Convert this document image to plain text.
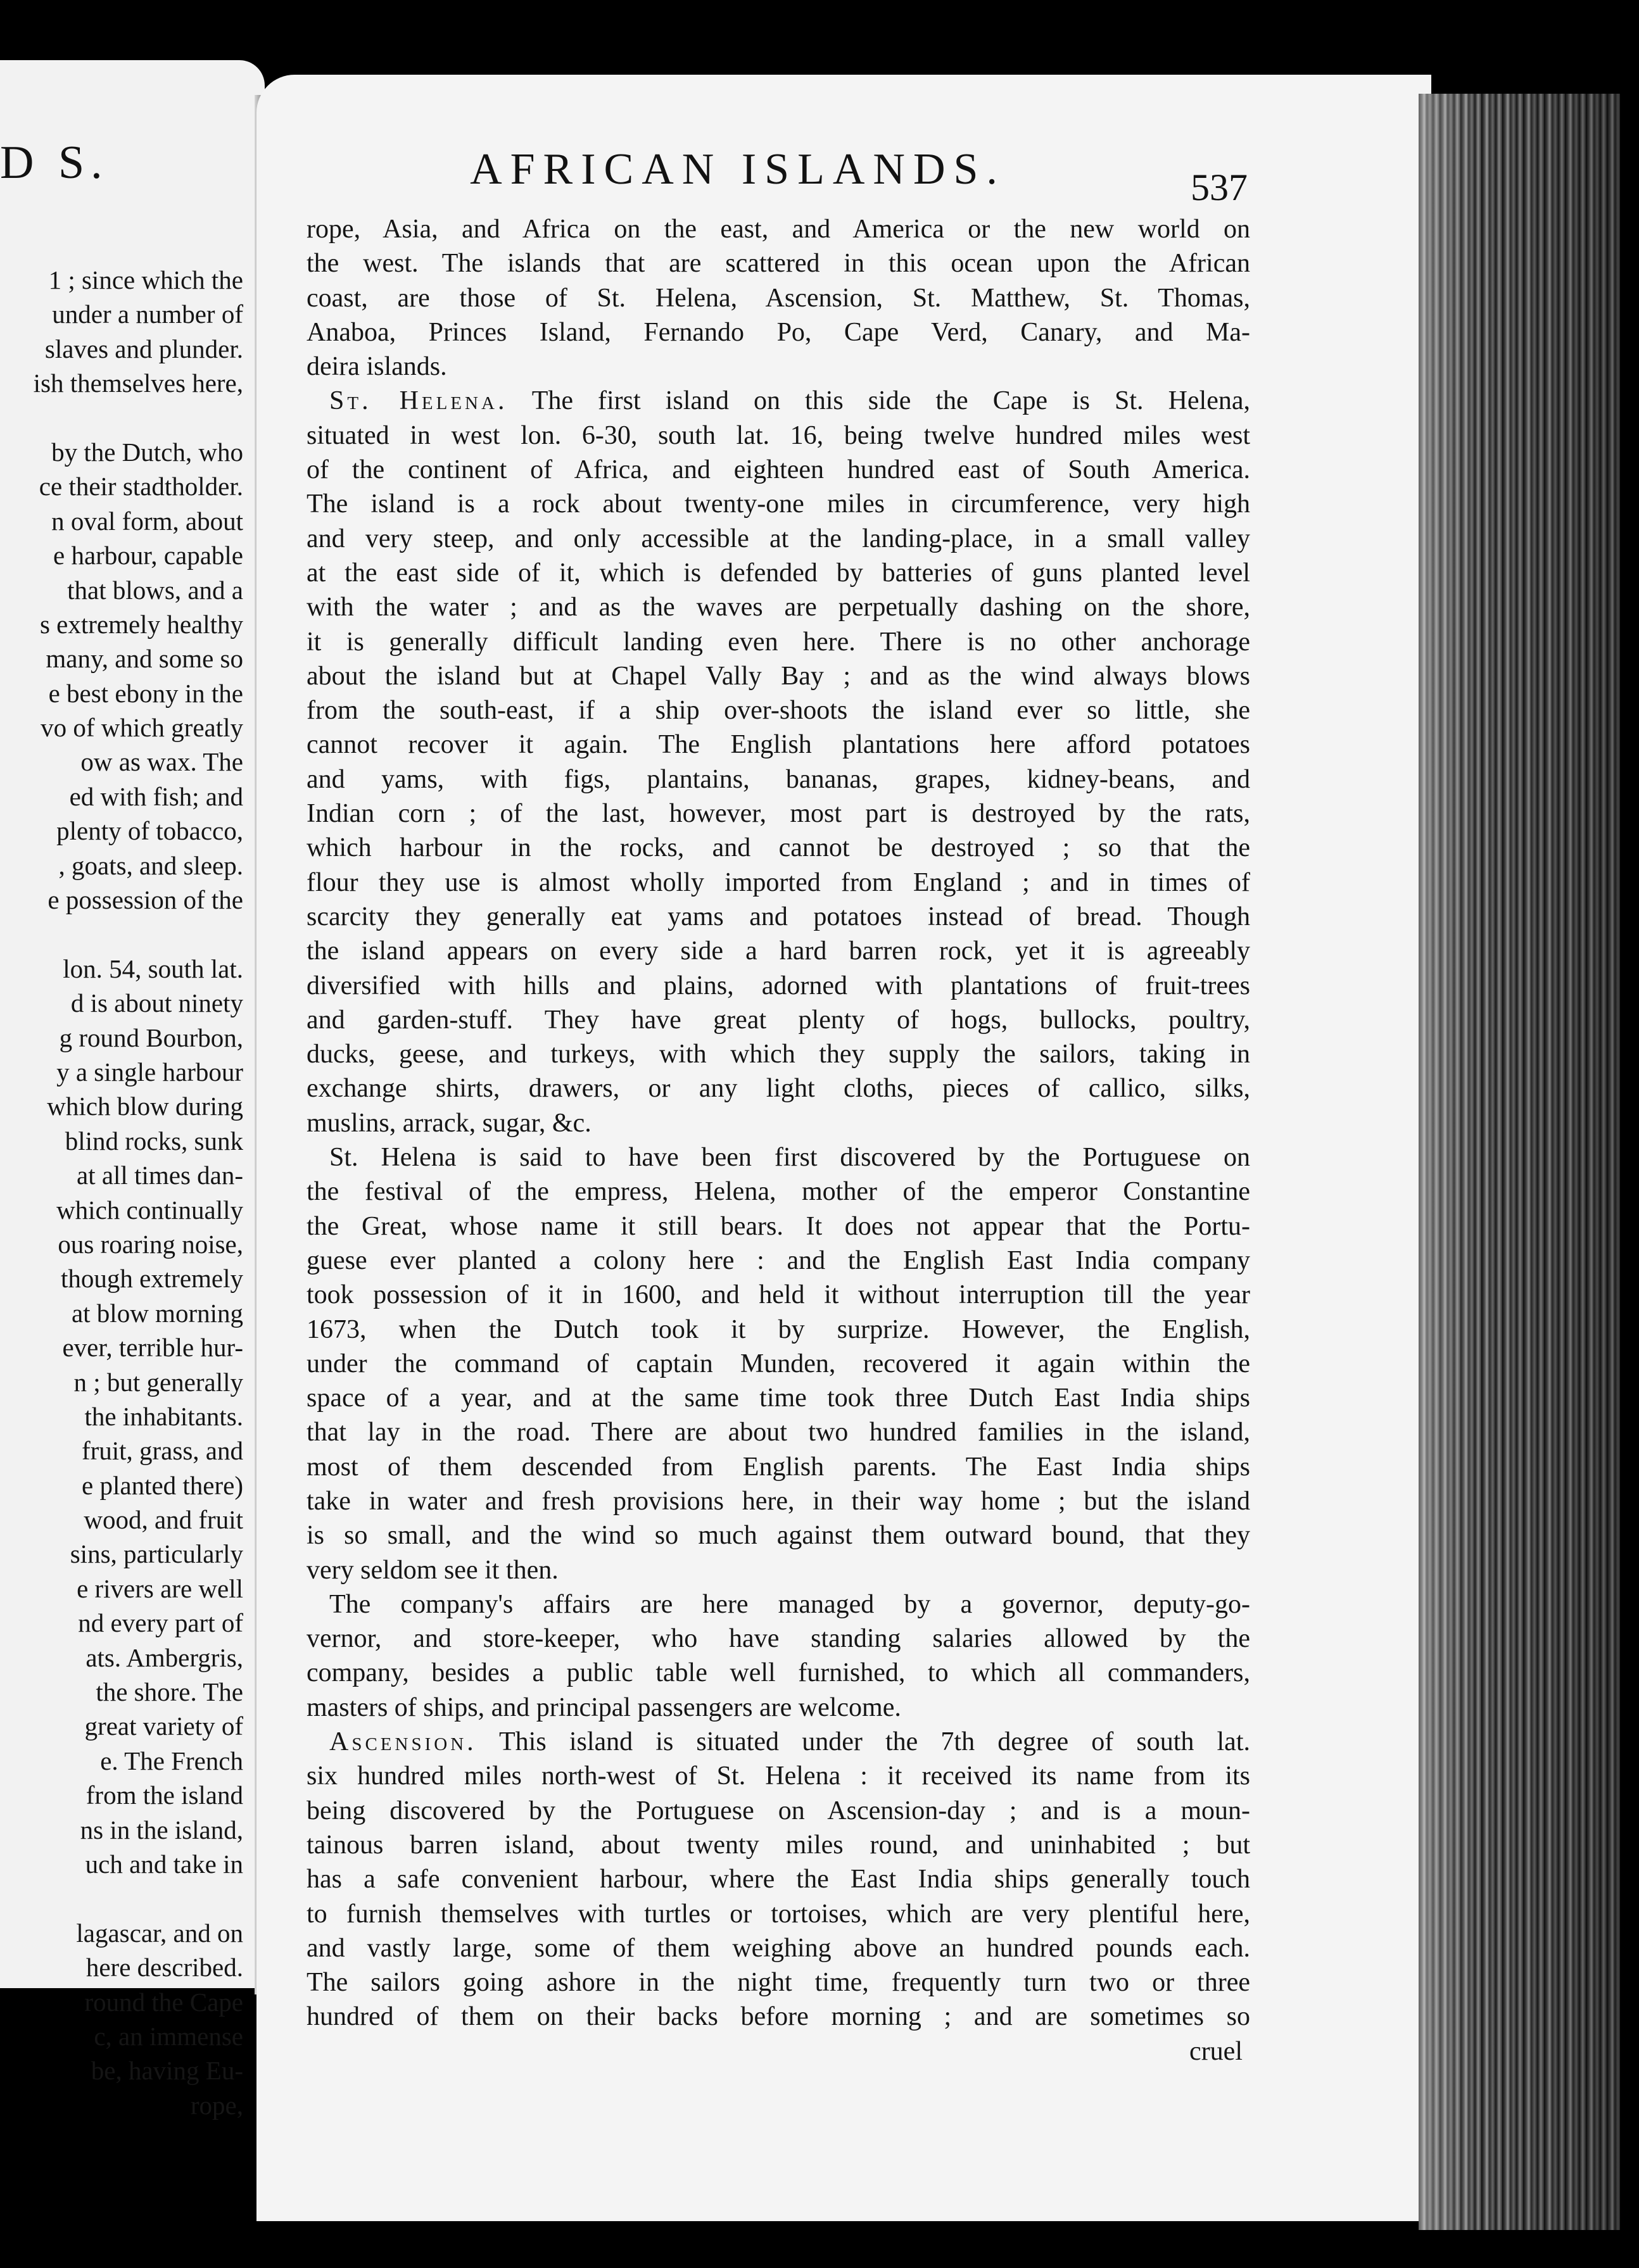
D S.
1 ; since which the
under a number of
slaves and plunder.
ish themselves here,
by the Dutch, who
ce their stadtholder.
n oval form, about
e harbour, capable
that blows, and a
s extremely healthy
many, and some so
e best ebony in the
vo of which greatly
ow as wax. The
ed with fish; and
plenty of tobacco,
, goats, and sleep.
e possession of the
lon. 54, south lat.
d is about ninety
g round Bourbon,
y a single harbour
which blow during
blind rocks, sunk
at all times dan-
which continually
ous roaring noise,
though extremely
at blow morning
ever, terrible hur-
n ; but generally
the inhabitants.
fruit, grass, and
e planted there)
wood, and fruit
sins, particularly
e rivers are well
nd every part of
ats. Ambergris,
the shore. The
great variety of
e. The French
from the island
ns in the island,
uch and take in
lagascar, and on
here described.
round the Cape
c, an immense
be, having Eu-
rope,
AFRICAN ISLANDS.	537
rope, Asia, and Africa on the east, and America or the new world on
the west. The islands that are scattered in this ocean upon the African
coast, are those of St. Helena, Ascension, St. Matthew, St. Thomas,
Anaboa, Princes Island, Fernando Po, Cape Verd, Canary, and Ma-
deira islands.
St. Helena. The first island on this side the Cape is St. Helena,
situated in west lon. 6-30, south lat. 16, being twelve hundred miles west
of the continent of Africa, and eighteen hundred east of South America.
The island is a rock about twenty-one miles in circumference, very high
and very steep, and only accessible at the landing-place, in a small valley
at the east side of it, which is defended by batteries of guns planted level
with the water ; and as the waves are perpetually dashing on the shore,
it is generally difficult landing even here. There is no other anchorage
about the island but at Chapel Vally Bay ; and as the wind always blows
from the south-east, if a ship over-shoots the island ever so little, she
cannot recover it again. The English plantations here afford potatoes
and yams, with figs, plantains, bananas, grapes, kidney-beans, and
Indian corn ; of the last, however, most part is destroyed by the rats,
which harbour in the rocks, and cannot be destroyed ; so that the
flour they use is almost wholly imported from England ; and in times of
scarcity they generally eat yams and potatoes instead of bread. Though
the island appears on every side a hard barren rock, yet it is agreeably
diversified with hills and plains, adorned with plantations of fruit-trees
and garden-stuff. They have great plenty of hogs, bullocks, poultry,
ducks, geese, and turkeys, with which they supply the sailors, taking in
exchange shirts, drawers, or any light cloths, pieces of callico, silks,
muslins, arrack, sugar, &c.
St. Helena is said to have been first discovered by the Portuguese on
the festival of the empress, Helena, mother of the emperor Constantine
the Great, whose name it still bears. It does not appear that the Portu-
guese ever planted a colony here : and the English East India company
took possession of it in 1600, and held it without interruption till the year
1673, when the Dutch took it by surprize. However, the English,
under the command of captain Munden, recovered it again within the
space of a year, and at the same time took three Dutch East India ships
that lay in the road. There are about two hundred families in the island,
most of them descended from English parents. The East India ships
take in water and fresh provisions here, in their way home ; but the island
is so small, and the wind so much against them outward bound, that they
very seldom see it then.
The company's affairs are here managed by a governor, deputy-go-
vernor, and store-keeper, who have standing salaries allowed by the
company, besides a public table well furnished, to which all commanders,
masters of ships, and principal passengers are welcome.
Ascension. This island is situated under the 7th degree of south lat.
six hundred miles north-west of St. Helena : it received its name from its
being discovered by the Portuguese on Ascension-day ; and is a moun-
tainous barren island, about twenty miles round, and uninhabited ; but
has a safe convenient harbour, where the East India ships generally touch
to furnish themselves with turtles or tortoises, which are very plentiful here,
and vastly large, some of them weighing above an hundred pounds each.
The sailors going ashore in the night time, frequently turn two or three
hundred of them on their backs before morning ; and are sometimes so
cruel
